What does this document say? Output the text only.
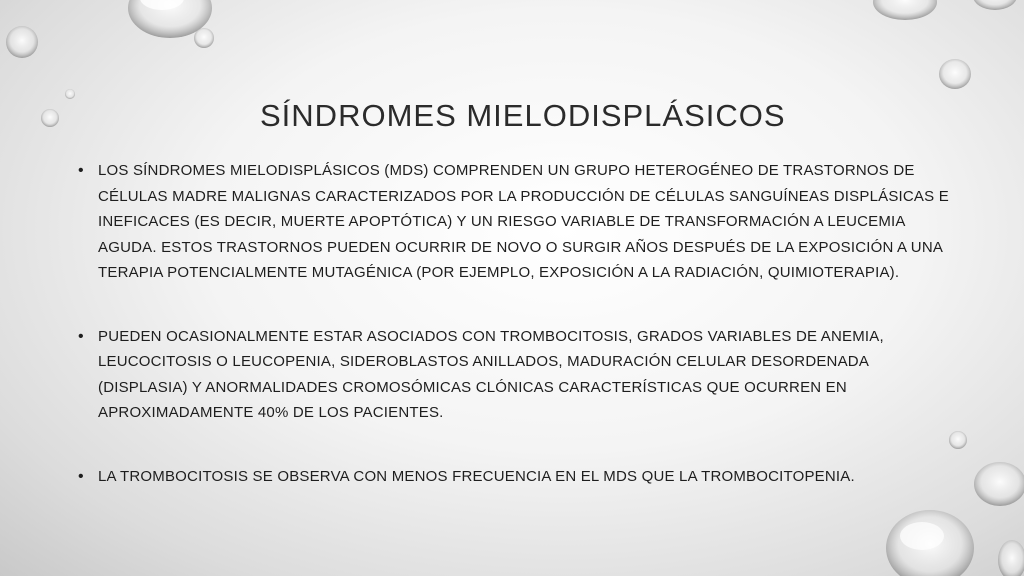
SÍNDROMES MIELODISPLÁSICOS
• LOS SÍNDROMES MIELODISPLÁSICOS (MDS) COMPRENDEN UN GRUPO HETEROGÉNEO DE TRASTORNOS DE CÉLULAS MADRE MALIGNAS CARACTERIZADOS POR LA PRODUCCIÓN DE CÉLULAS SANGUÍNEAS DISPLÁSICAS E INEFICACES (ES DECIR, MUERTE APOPTÓTICA) Y UN RIESGO VARIABLE DE TRANSFORMACIÓN A LEUCEMIA AGUDA. ESTOS TRASTORNOS PUEDEN OCURRIR DE NOVO O SURGIR AÑOS DESPUÉS DE LA EXPOSICIÓN A UNA TERAPIA POTENCIALMENTE MUTAGÉNICA (POR EJEMPLO, EXPOSICIÓN A LA RADIACIÓN, QUIMIOTERAPIA).
• PUEDEN OCASIONALMENTE ESTAR ASOCIADOS CON TROMBOCITOSIS, GRADOS VARIABLES DE ANEMIA, LEUCOCITOSIS O LEUCOPENIA, SIDEROBLASTOS ANILLADOS, MADURACIÓN CELULAR DESORDENADA (DISPLASIA) Y ANORMALIDADES CROMOSÓMICAS CLÓNICAS CARACTERÍSTICAS QUE OCURREN EN APROXIMADAMENTE 40% DE LOS PACIENTES.
• LA TROMBOCITOSIS SE OBSERVA CON MENOS FRECUENCIA EN EL MDS QUE LA TROMBOCITOPENIA.
